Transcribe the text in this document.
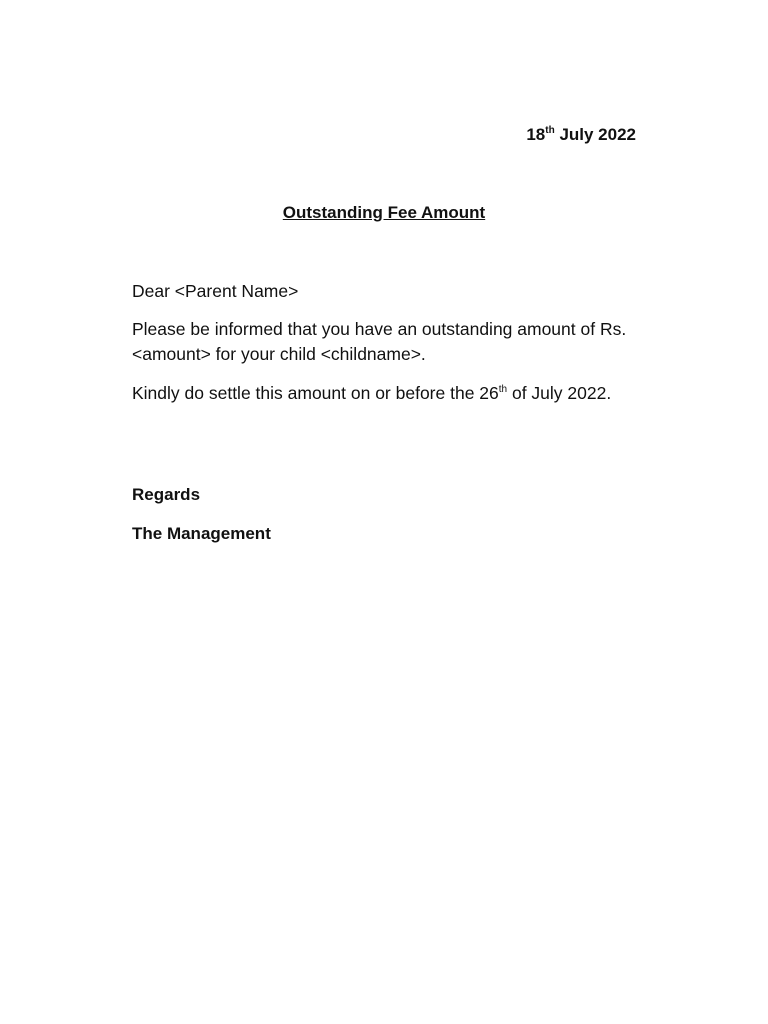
18th July 2022
Outstanding Fee Amount
Dear <Parent Name>
Please be informed that you have an outstanding amount of Rs. <amount> for your child <childname>.
Kindly do settle this amount on or before the 26th of July 2022.
Regards
The Management
